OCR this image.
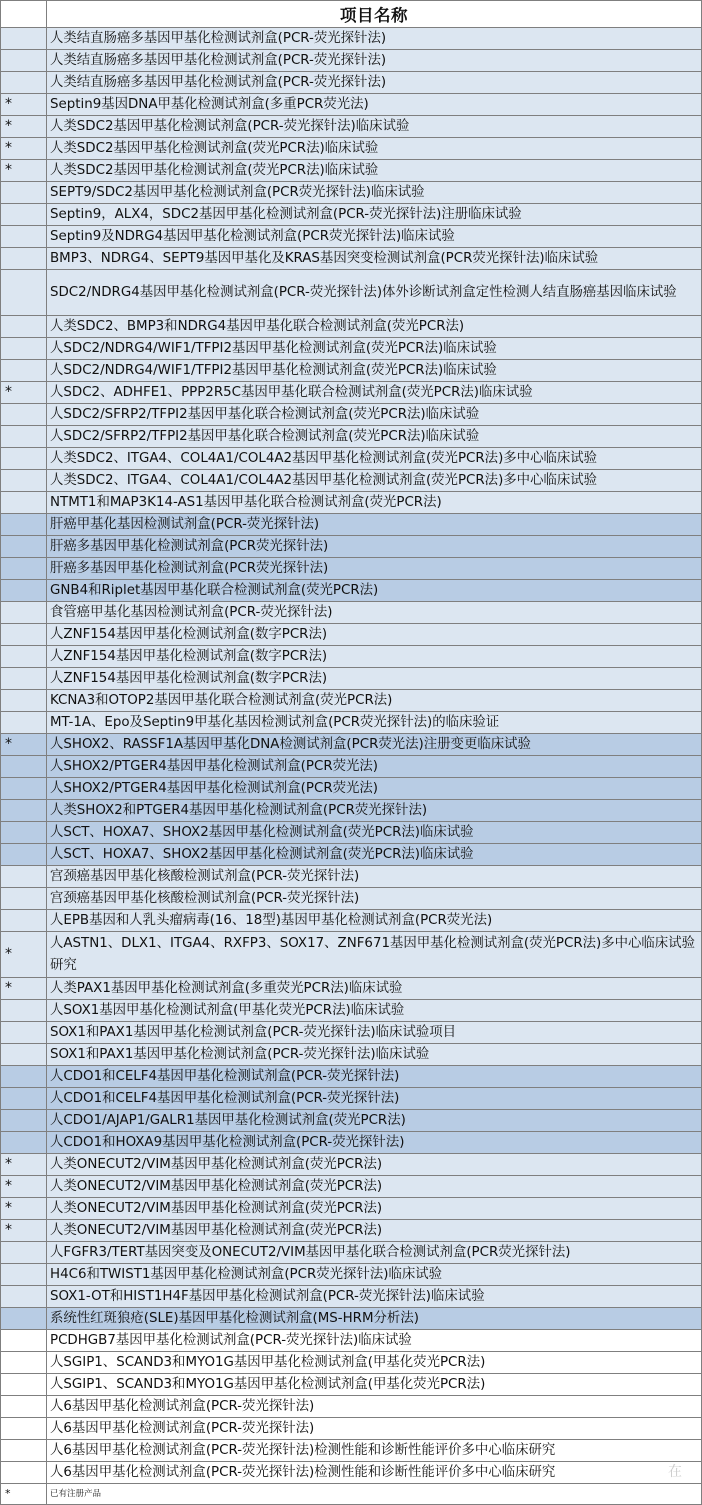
	项目名称
	人类结直肠癌多基因甲基化检测试剂盒(PCR-荧光探针法)
	人类结直肠癌多基因甲基化检测试剂盒(PCR-荧光探针法)
	人类结直肠癌多基因甲基化检测试剂盒(PCR-荧光探针法)
*	Septin9基因DNA甲基化检测试剂盒(多重PCR荧光法)
*	人类SDC2基因甲基化检测试剂盒(PCR-荧光探针法)临床试验
*	人类SDC2基因甲基化检测试剂盒(荧光PCR法)临床试验
*	人类SDC2基因甲基化检测试剂盒(荧光PCR法)临床试验
	SEPT9/SDC2基因甲基化检测试剂盒(PCR荧光探针法)临床试验
	Septin9，ALX4，SDC2基因甲基化检测试剂盒(PCR-荧光探针法)注册临床试验
	Septin9及NDRG4基因甲基化检测试剂盒(PCR荧光探针法)临床试验
	BMP3、NDRG4、SEPT9基因甲基化及KRAS基因突变检测试剂盒(PCR荧光探针法)临床试验
	SDC2/NDRG4基因甲基化检测试剂盒(PCR-荧光探针法)体外诊断试剂盒定性检测人结直肠癌基因临床试验
	人类SDC2、BMP3和NDRG4基因甲基化联合检测试剂盒(荧光PCR法)
	人SDC2/NDRG4/WIF1/TFPI2基因甲基化检测试剂盒(荧光PCR法)临床试验
	人SDC2/NDRG4/WIF1/TFPI2基因甲基化检测试剂盒(荧光PCR法)临床试验
*	人SDC2、ADHFE1、PPP2R5C基因甲基化联合检测试剂盒(荧光PCR法)临床试验
	人SDC2/SFRP2/TFPI2基因甲基化联合检测试剂盒(荧光PCR法)临床试验
	人SDC2/SFRP2/TFPI2基因甲基化联合检测试剂盒(荧光PCR法)临床试验
	人类SDC2、ITGA4、COL4A1/COL4A2基因甲基化检测试剂盒(荧光PCR法)多中心临床试验
	人类SDC2、ITGA4、COL4A1/COL4A2基因甲基化检测试剂盒(荧光PCR法)多中心临床试验
	NTMT1和MAP3K14-AS1基因甲基化联合检测试剂盒(荧光PCR法)
	肝癌甲基化基因检测试剂盒(PCR-荧光探针法)
	肝癌多基因甲基化检测试剂盒(PCR荧光探针法)
	肝癌多基因甲基化检测试剂盒(PCR荧光探针法)
	GNB4和Riplet基因甲基化联合检测试剂盒(荧光PCR法)
	食管癌甲基化基因检测试剂盒(PCR-荧光探针法)
	人ZNF154基因甲基化检测试剂盒(数字PCR法)
	人ZNF154基因甲基化检测试剂盒(数字PCR法)
	人ZNF154基因甲基化检测试剂盒(数字PCR法)
	KCNA3和OTOP2基因甲基化联合检测试剂盒(荧光PCR法)
	MT-1A、Epo及Septin9甲基化基因检测试剂盒(PCR荧光探针法)的临床验证
*	人SHOX2、RASSF1A基因甲基化DNA检测试剂盒(PCR荧光法)注册变更临床试验
	人SHOX2/PTGER4基因甲基化检测试剂盒(PCR荧光法)
	人SHOX2/PTGER4基因甲基化检测试剂盒(PCR荧光法)
	人类SHOX2和PTGER4基因甲基化检测试剂盒(PCR荧光探针法)
	人SCT、HOXA7、SHOX2基因甲基化检测试剂盒(荧光PCR法)临床试验
	人SCT、HOXA7、SHOX2基因甲基化检测试剂盒(荧光PCR法)临床试验
	宫颈癌基因甲基化核酸检测试剂盒(PCR-荧光探针法)
	宫颈癌基因甲基化核酸检测试剂盒(PCR-荧光探针法)
	人EPB基因和人乳头瘤病毒(16、18型)基因甲基化检测试剂盒(PCR荧光法)
*	人ASTN1、DLX1、ITGA4、RXFP3、SOX17、ZNF671基因甲基化检测试剂盒(荧光PCR法)多中心临床试验研究
*	人类PAX1基因甲基化检测试剂盒(多重荧光PCR法)临床试验
	人SOX1基因甲基化检测试剂盒(甲基化荧光PCR法)临床试验
	SOX1和PAX1基因甲基化检测试剂盒(PCR-荧光探针法)临床试验项目
	SOX1和PAX1基因甲基化检测试剂盒(PCR-荧光探针法)临床试验
	人CDO1和CELF4基因甲基化检测试剂盒(PCR-荧光探针法)
	人CDO1和CELF4基因甲基化检测试剂盒(PCR-荧光探针法)
	人CDO1/AJAP1/GALR1基因甲基化检测试剂盒(荧光PCR法)
	人CDO1和HOXA9基因甲基化检测试剂盒(PCR-荧光探针法)
*	人类ONECUT2/VIM基因甲基化检测试剂盒(荧光PCR法)
*	人类ONECUT2/VIM基因甲基化检测试剂盒(荧光PCR法)
*	人类ONECUT2/VIM基因甲基化检测试剂盒(荧光PCR法)
*	人类ONECUT2/VIM基因甲基化检测试剂盒(荧光PCR法)
	人FGFR3/TERT基因突变及ONECUT2/VIM基因甲基化联合检测试剂盒(PCR荧光探针法)
	H4C6和TWIST1基因甲基化检测试剂盒(PCR荧光探针法)临床试验
	SOX1-OT和HIST1H4F基因甲基化检测试剂盒(PCR-荧光探针法)临床试验
	系统性红斑狼疮(SLE)基因甲基化检测试剂盒(MS-HRM分析法)
	PCDHGB7基因甲基化检测试剂盒(PCR-荧光探针法)临床试验
	人SGIP1、SCAND3和MYO1G基因甲基化检测试剂盒(甲基化荧光PCR法)
	人SGIP1、SCAND3和MYO1G基因甲基化检测试剂盒(甲基化荧光PCR法)
	人6基因甲基化检测试剂盒(PCR-荧光探针法)
	人6基因甲基化检测试剂盒(PCR-荧光探针法)
	人6基因甲基化检测试剂盒(PCR-荧光探针法)检测性能和诊断性能评价多中心临床研究
	人6基因甲基化检测试剂盒(PCR-荧光探针法)检测性能和诊断性能评价多中心临床研究
*	已有注册产品
在
